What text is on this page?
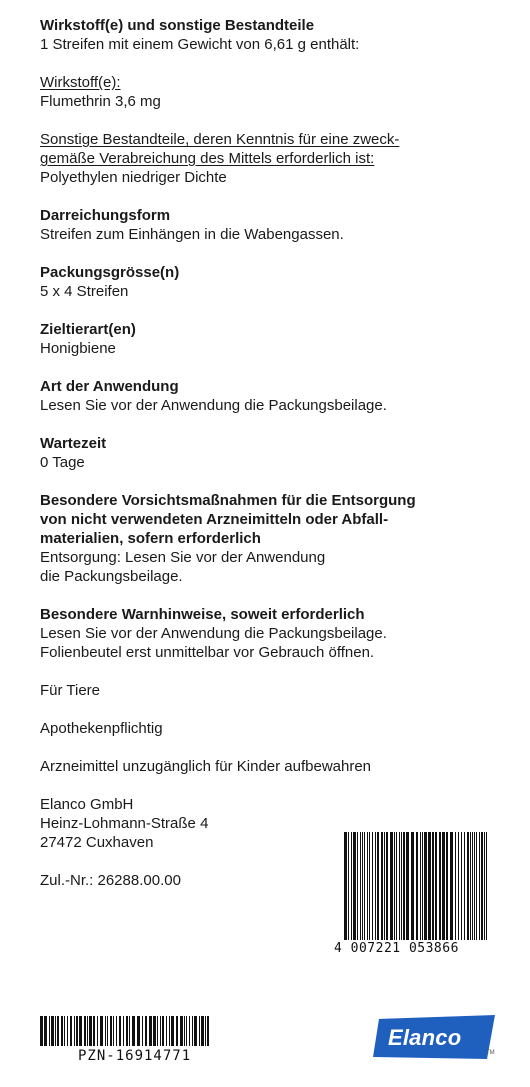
Wirkstoff(e) und sonstige Bestandteile
1 Streifen mit einem Gewicht von 6,61 g enthält:
Wirkstoff(e):
Flumethrin 3,6 mg
Sonstige Bestandteile, deren Kenntnis für eine zweck-
gemäße Verabreichung des Mittels erforderlich ist:
Polyethylen niedriger Dichte
Darreichungsform
Streifen zum Einhängen in die Wabengassen.
Packungsgrösse(n)
5 x 4 Streifen
Zieltierart(en)
Honigbiene
Art der Anwendung
Lesen Sie vor der Anwendung die Packungsbeilage.
Wartezeit
0 Tage
Besondere Vorsichtsmaßnahmen für die Entsorgung
von nicht verwendeten Arzneimitteln oder Abfall-
materialien, sofern erforderlich
Entsorgung: Lesen Sie vor der Anwendung
die Packungsbeilage.
Besondere Warnhinweise, soweit erforderlich
Lesen Sie vor der Anwendung die Packungsbeilage.
Folienbeutel erst unmittelbar vor Gebrauch öffnen.
Für Tiere
Apothekenpflichtig
Arzneimittel unzugänglich für Kinder aufbewahren
Elanco GmbH
Heinz-Lohmann-Straße 4
27472 Cuxhaven
Zul.-Nr.: 26288.00.00
4 007221 053866
PZN-16914771
Elanco
TM
